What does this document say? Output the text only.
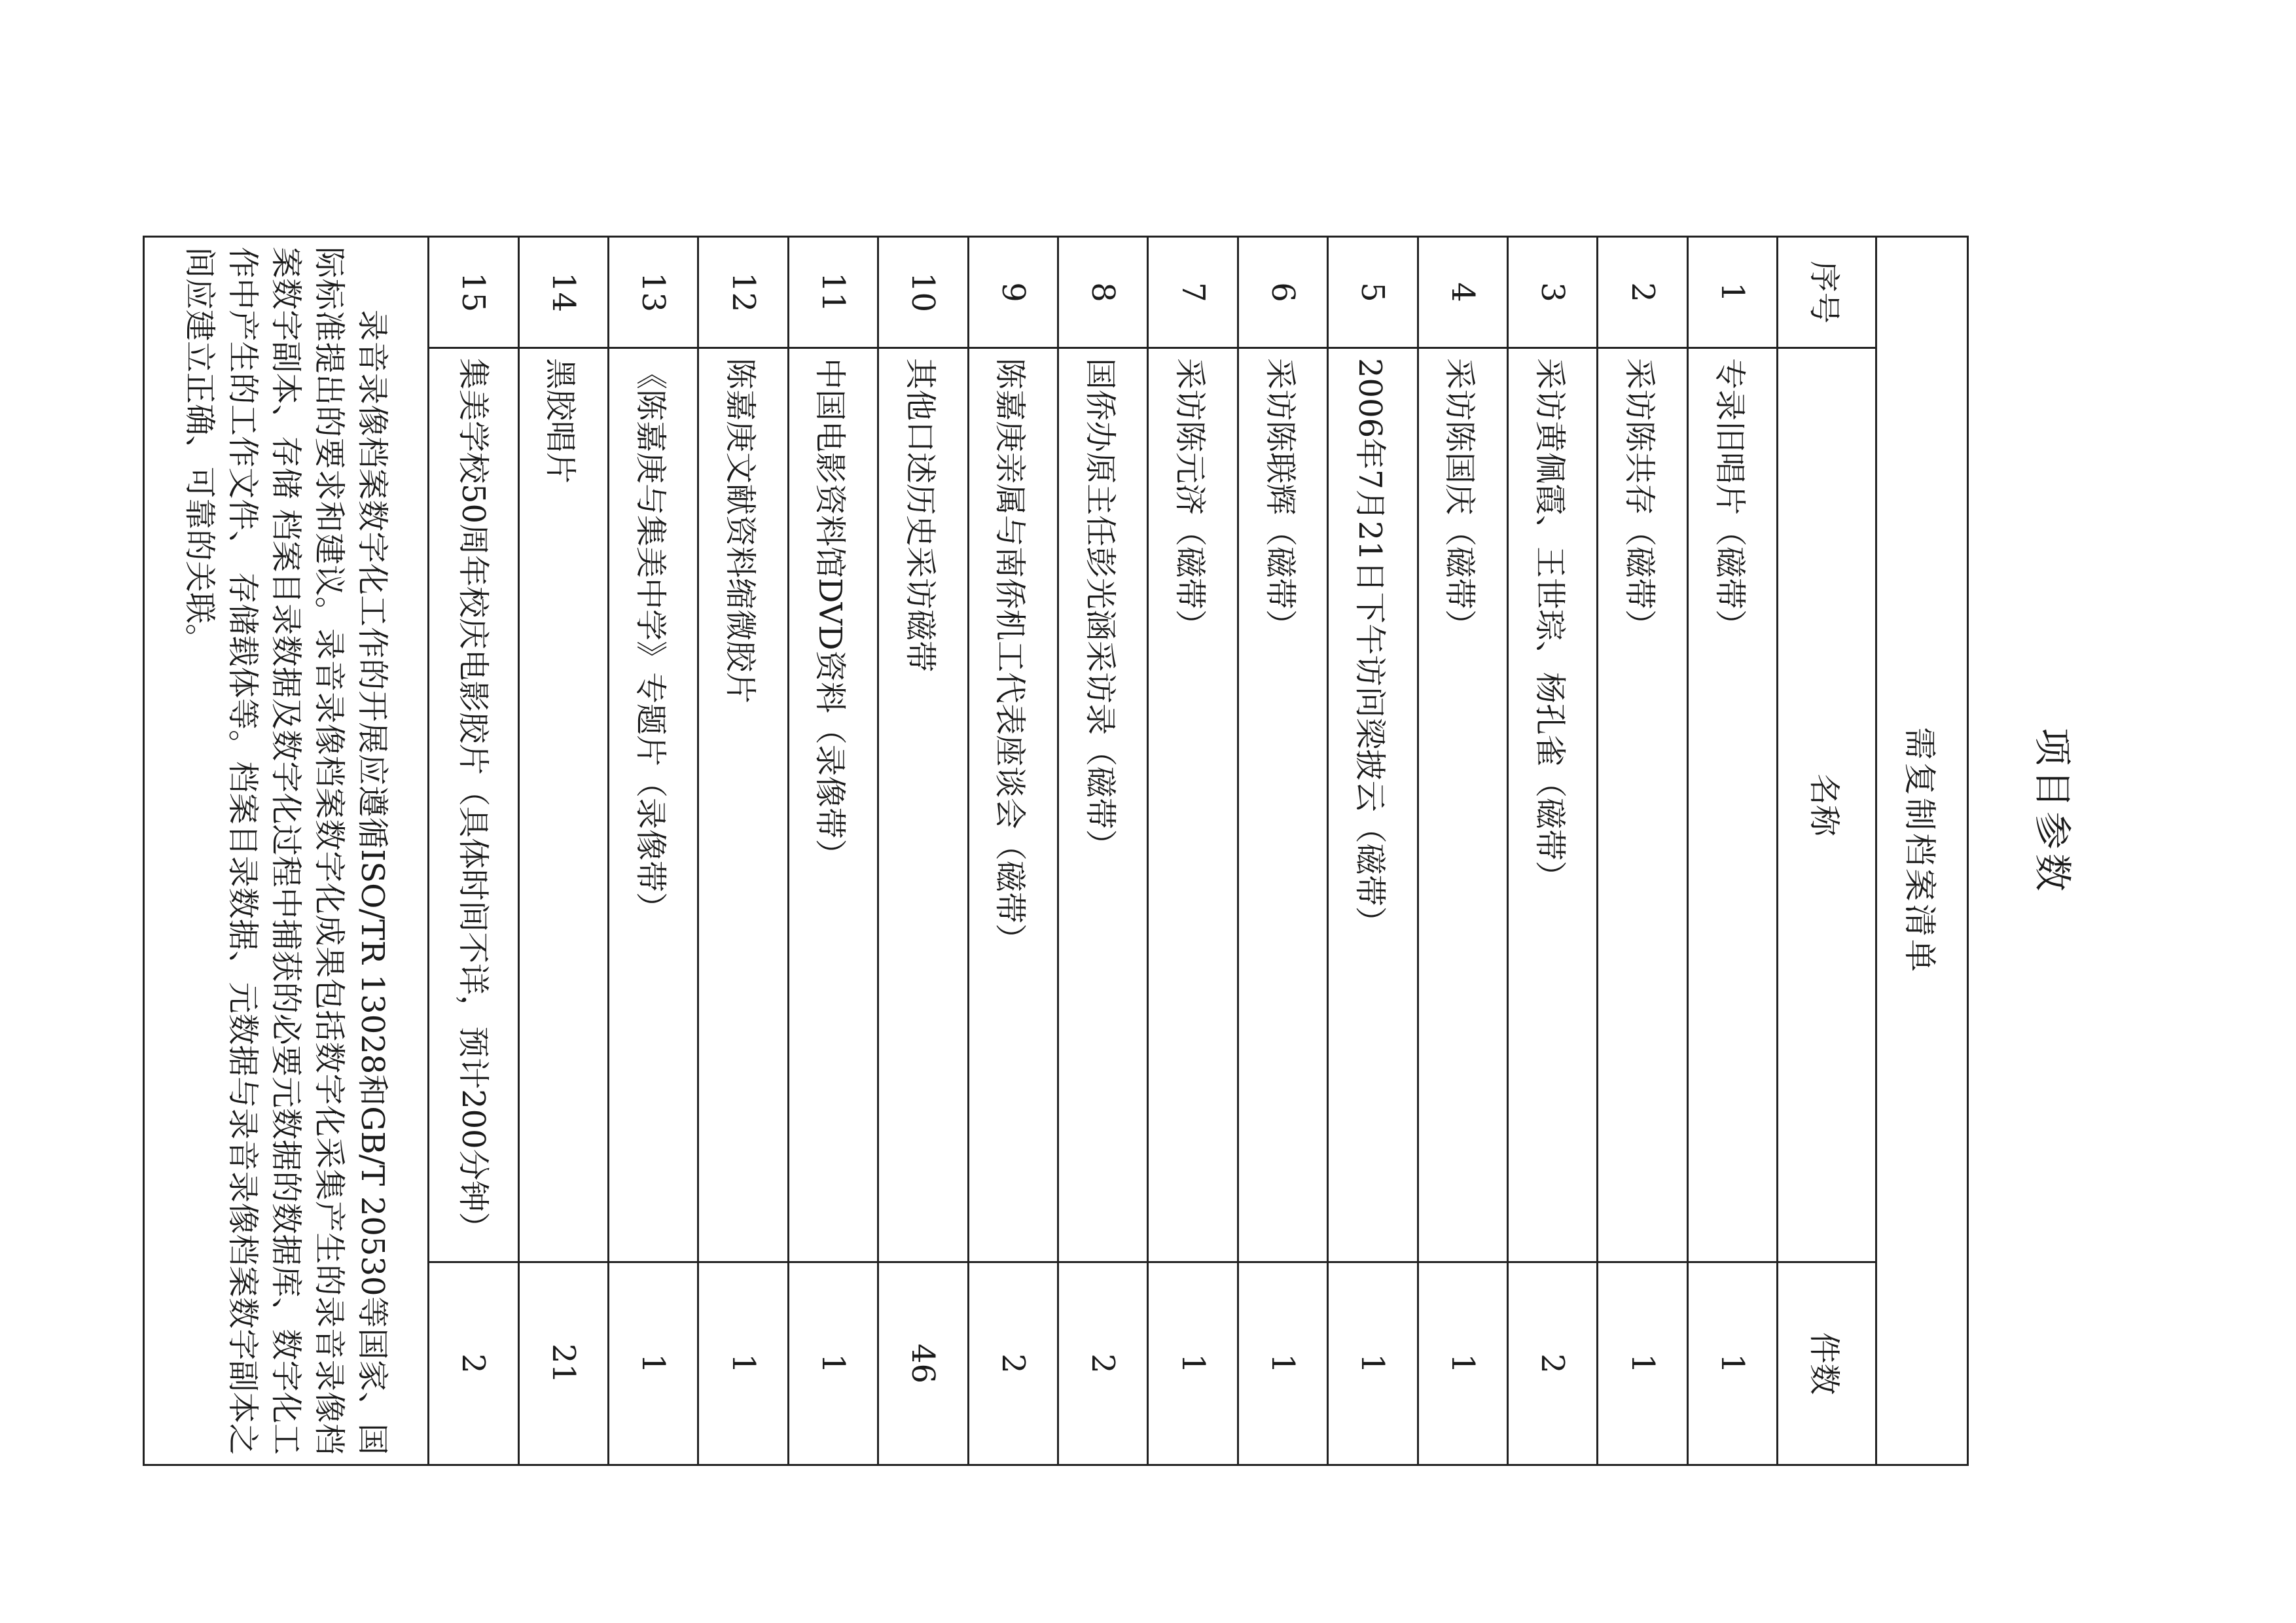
项目参数
需复制档案清单		
序号	名称	件数
1	专录旧唱片（磁带）	1
2	采访陈共存（磁带）	1
3	采访黄佩霞、王世琮、杨孔雀（磁带）	2
4	采访陈国庆（磁带）	1
5	2006年7月21日下午访问梁披云（磁带）	1
6	采访陈联辉（磁带）	1
7	采访陈元济（磁带）	1
8	国侨办原主任彭光涵采访录（磁带）	2
9	陈嘉庚亲属与南侨机工代表座谈会（磁带）	2
10	其他口述历史采访磁带	46
11	中国电影资料馆DVD资料（录像带）	1
12	陈嘉庚文献资料缩微胶片	1
13	《陈嘉庚与集美中学》专题片（录像带）	1
14	黑胶唱片	21
15	集美学校50周年校庆电影胶片（具体时间不详，预计200分钟）	2
录音录像档案数字化工作的开展应遵循ISO/TR 13028和GB/T 20530等国家、国际标准提出的要求和建议。录音录像档案数字化成果包括数字化采集产生的录音录像档案数字副本、存储 档案目录数据及数字化过程中捕获的必要元数据的数据库、数字化工作中产生的工作文件、 存储载体等。档案目录数据、元数据与录音录像档案数字副本之间应建立正确、可靠的关联。		
